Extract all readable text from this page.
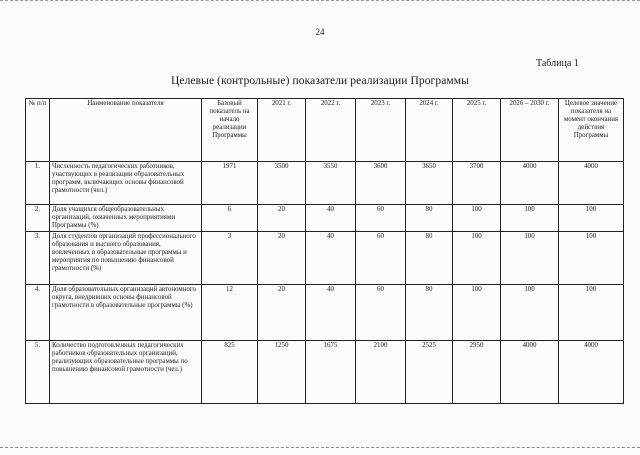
24
Таблица 1
Целевые (контрольные) показатели реализации Программы
№ п/п	Наименование показателя	Базовый показатель на начало реализации Программы	2021 г.	2022 г.	2023 г.	2024 г.	2025 г.	2026 – 2030 г.	Целевое значение показателя на момент окончания действия Программы
1.	Численность педагогических работников, участвующих в реализации образовательных программ, включающих основы финансовой грамотности (чел.)	1971	3500	3550	3600	3650	3700	4000	4000
2.	Доля учащихся общеобразовательных организаций, охваченных мероприятиями Программы (%)	6	20	40	60	80	100	100	100
3.	Доля студентов организаций профессионального образования и высшего образования, вовлеченных в образовательные программы и мероприятия по повышению финансовой грамотности (%)	3	20	40	60	80	100	100	100
4.	Доля образовательных организаций автономного округа, внедривших основы финансовой грамотности в образовательные программы (%)	12	20	40	60	80	100	100	100
5.	Количество подготовленных педагогических работников образовательных организаций, реализующих образовательные программы по повышению финансовой грамотности (чел.)	825	1250	1675	2100	2525	2950	4000	4000
